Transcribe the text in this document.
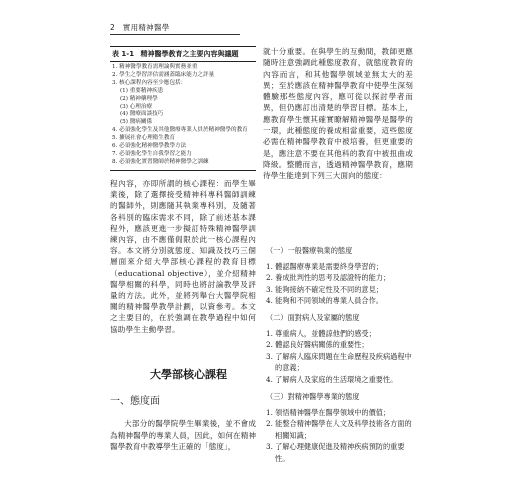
2 實用精神醫學
表 1-1 精神醫學教育之主要內容與議題
1. 精神醫學教育需理論與實務並重
2. 學生之學習評估需涵蓋臨床能力之評量
3. 核心課程內容至少應包括：
(1) 重要精神疾患
(2) 精神藥理學
(3) 心理治療
(4) 醫療面談技巧
(5) 醫病關係
4. 必須強化學生及其他醫療專業人員於精神醫學的教育
5. 擴展社會心理衛生教育
6. 必須強化精神醫學教學方法
7. 必須強化學生自我學習之能力
8. 必須強化實習醫師於精神醫學之訓練

程內容，亦即所謂的核心課程：而學生畢業後，除了選擇接受精神科專科醫師訓練的醫師外，則應隨其執業專科別，及隨著各科別的臨床需求不同，除了前述基本課程外，應該更進一步擬訂特殊精神醫學訓練內容，由不應僅侷限於此一核心課程內容。本文將分別就態度、知識及技巧三個層面來介紹大學部核心課程的教育目標（educational objective），並介紹精神醫學相關的科學，同時也將討論教學及評量的方法。此外，並將列舉台大醫學院相關的精神醫學教學計劃，以資參考。本文之主要目的，在於強調在教學過程中如何協助學生主動學習。

大學部核心課程
一、態度面
大部分的醫學院學生畢業後，並不會成為精神醫學的專業人員，因此，如何在精神醫學教育中教導學生正確的「態度」，

就十分重要。在與學生的互動間，教師更應隨時注意強調此種態度教育，就態度教育的內容而言，和其他醫學領域並無太大的差異；至於應該在精神醫學教育中使學生深刻體驗那些態度內容，應可從以探討學者而異，但仍應訂出清楚的學習目標。基本上，應教育學生懷其確實瞭解精神醫學是醫學的一環，此種態度的養成相當重要，這些態度必需在精神醫學教育中被培養，但更重要的是，應注意不要在其他科的教育中被扭曲或降級。整體而言，透過精神醫學教育，應期待學生能達到下列三大面向的態度：

（一）一般醫療執業的態度
1. 體認醫療專業是需要終身學習的；
2. 養成批判性的思考及認證特的能力；
3. 能夠接納不確定性及不同的意見；
4. 能夠和不同領域的專業人員合作。
（二）面對病人及家屬的態度
1. 尊重病人，並體諒他們的感受；
2. 體認良好醫病關係的重要性；
3. 了解病人臨床問題在生命歷程及疾病過程中的意義；
4. 了解病人及家庭的生活環境之重要性。
（三）對精神醫學專業的態度
1. 領悟精神醫學在醫學領域中的價值；
2. 能整合精神醫學在人文及科學技術各方面的相關知識；
3. 了解心理健康促進及精神疾病預防的重要性。
